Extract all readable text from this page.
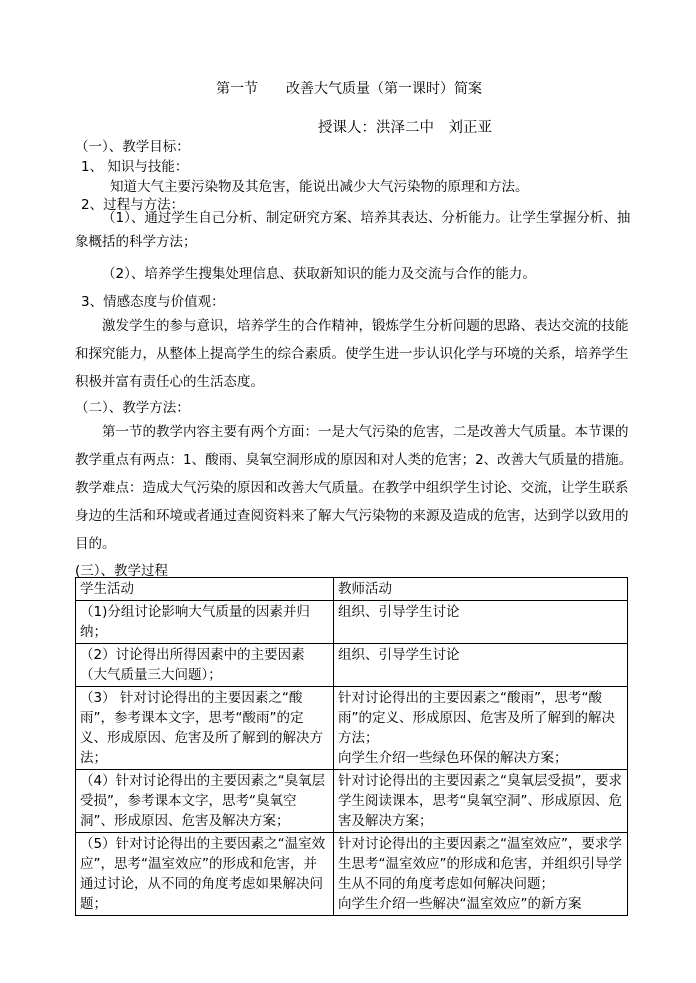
第一节　　改善大气质量（第一课时）简案
授课人：洪泽二中　刘正亚
（一）、教学目标：
1、 知识与技能：
知道大气主要污染物及其危害，能说出减少大气污染物的原理和方法。
2、过程与方法：
（1）、通过学生自己分析、制定研究方案、培养其表达、分析能力。让学生掌握分析、抽象概括的科学方法；
（2）、培养学生搜集处理信息、获取新知识的能力及交流与合作的能力。
3、情感态度与价值观：
激发学生的参与意识，培养学生的合作精神，锻炼学生分析问题的思路、表达交流的技能和探究能力，从整体上提高学生的综合素质。使学生进一步认识化学与环境的关系，培养学生积极并富有责任心的生活态度。
（二）、教学方法：
第一节的教学内容主要有两个方面：一是大气污染的危害，二是改善大气质量。本节课的教学重点有两点：1、酸雨、臭氧空洞形成的原因和对人类的危害；2、改善大气质量的措施。教学难点：造成大气污染的原因和改善大气质量。在教学中组织学生讨论、交流，让学生联系身边的生活和环境或者通过查阅资料来了解大气污染物的来源及造成的危害，达到学以致用的目的。
(三）、教学过程
学生活动	教师活动
（1)分组讨论影响大气质量的因素并归纳；	组织、引导学生讨论
（2）讨论得出所得因素中的主要因素（大气质量三大问题）；	组织、引导学生讨论
（3） 针对讨论得出的主要因素之“酸雨”，参考课本文字，思考“酸雨”的定义、形成原因、危害及所了解到的解决方法；	针对讨论得出的主要因素之“酸雨”，思考“酸雨”的定义、形成原因、危害及所了解到的解决方法；
向学生介绍一些绿色环保的解决方案；
（4）针对讨论得出的主要因素之“臭氧层受损”，参考课本文字，思考“臭氧空洞”、形成原因、危害及解决方案；	针对讨论得出的主要因素之“臭氧层受损”，要求学生阅读课本，思考“臭氧空洞”、形成原因、危害及解决方案；
（5）针对讨论得出的主要因素之“温室效应”，思考“温室效应”的形成和危害，并通过讨论，从不同的角度考虑如果解决问题；	针对讨论得出的主要因素之“温室效应”，要求学生思考“温室效应”的形成和危害，并组织引导学生从不同的角度考虑如何解决问题；
向学生介绍一些解决“温室效应”的新方案
